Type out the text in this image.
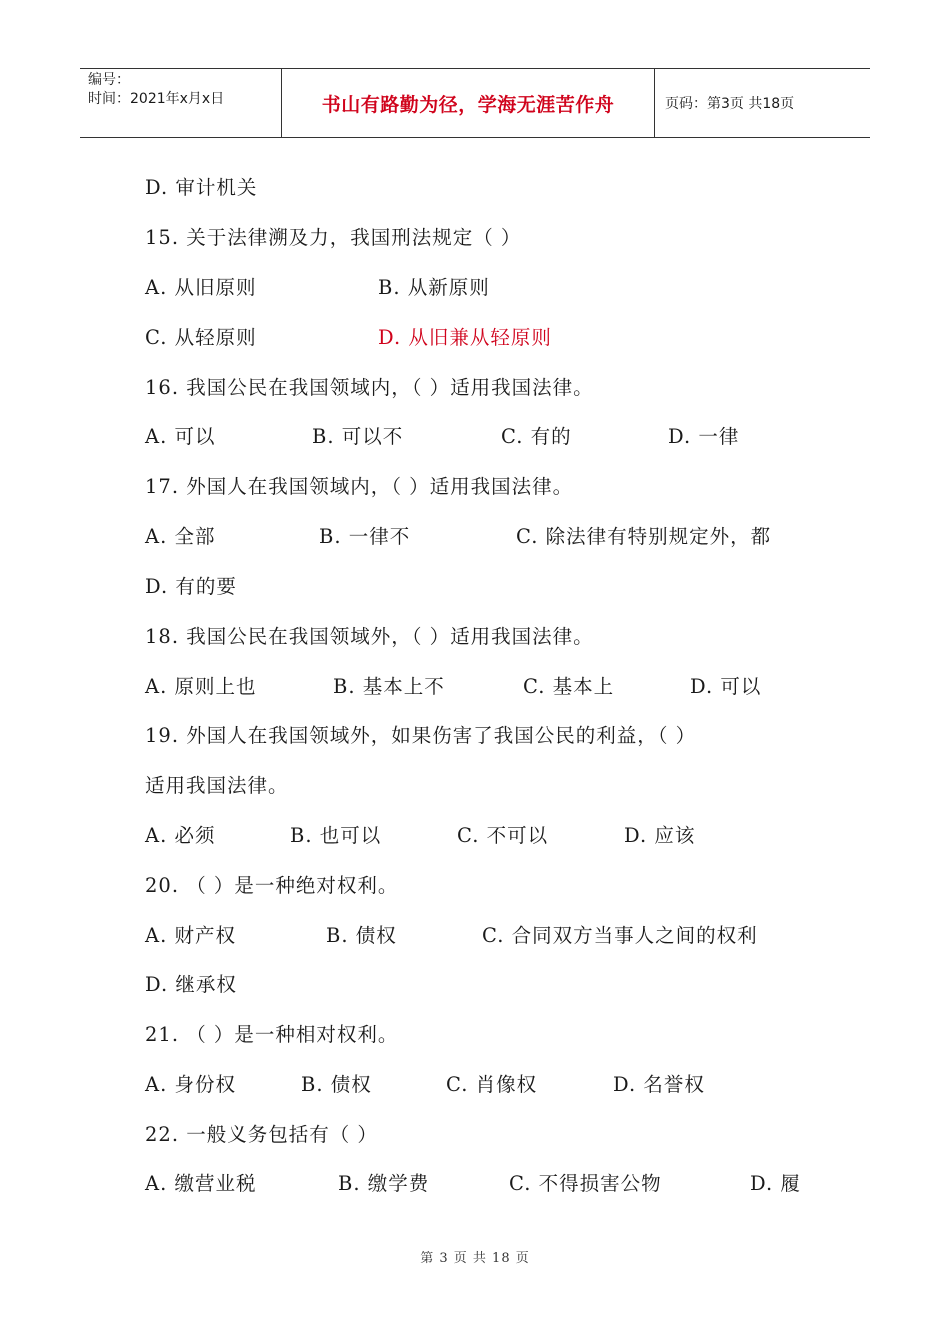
编号：
时间：2021年x月x日	书山有路勤为径，学海无涯苦作舟	页码：第3页 共18页
D. 审计机关
15. 关于法律溯及力，我国刑法规定（ ）
A. 从旧原则	B. 从新原则
C. 从轻原则	D. 从旧兼从轻原则
16. 我国公民在我国领域内，（ ）适用我国法律。
A. 可以	B. 可以不	C. 有的	D. 一律
17. 外国人在我国领域内，（ ）适用我国法律。
A. 全部	B. 一律不	C. 除法律有特别规定外，都
D. 有的要
18. 我国公民在我国领域外，（ ）适用我国法律。
A. 原则上也	B. 基本上不	C. 基本上	D. 可以
19. 外国人在我国领域外，如果伤害了我国公民的利益，（ ）
适用我国法律。
A. 必须	B. 也可以	C. 不可以	D. 应该
20. （ ）是一种绝对权利。
A. 财产权	B. 债权	C. 合同双方当事人之间的权利
D. 继承权
21. （ ）是一种相对权利。
A. 身份权	B. 债权	C. 肖像权	D. 名誉权
22. 一般义务包括有（ ）
A. 缴营业税	B. 缴学费	C. 不得损害公物	D. 履
第 3 页 共 18 页
